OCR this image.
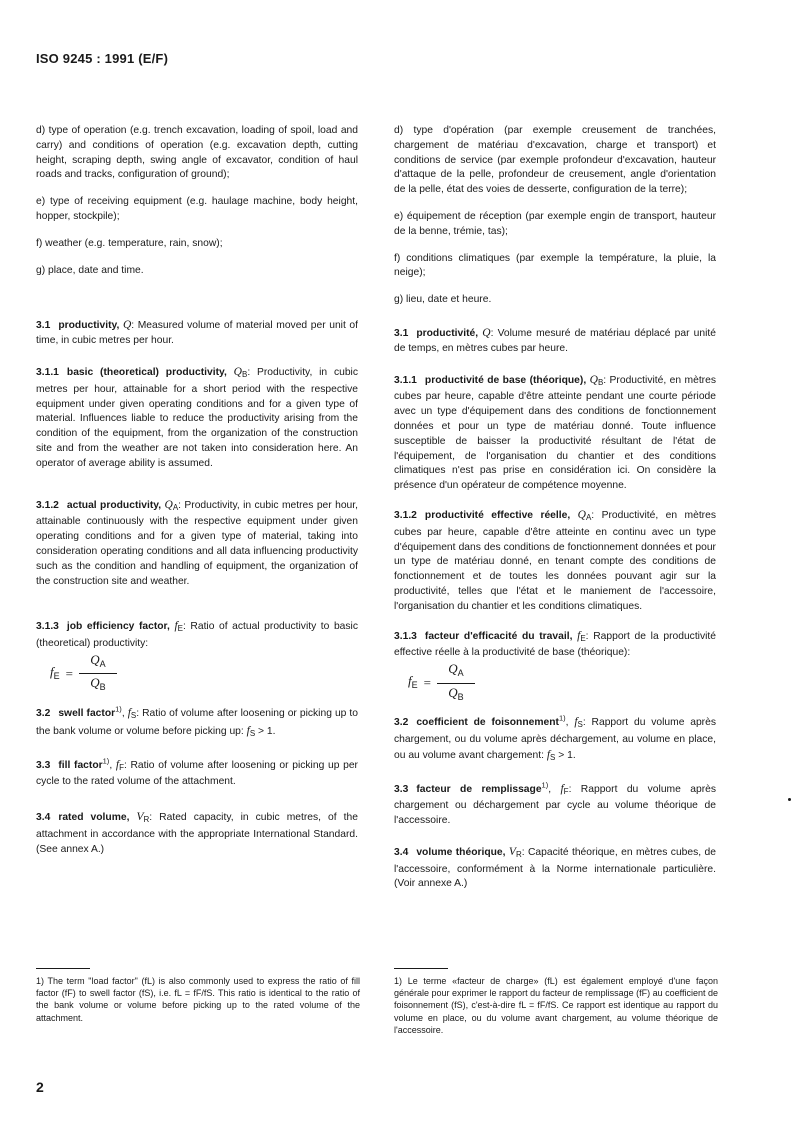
ISO 9245 : 1991 (E/F)

d) type of operation (e.g. trench excavation, loading of spoil, load and carry) and conditions of operation (e.g. excavation depth, cutting height, scraping depth, swing angle of excavator, condition of haul roads and tracks, configuration of ground);

e) type of receiving equipment (e.g. haulage machine, body height, hopper, stockpile);

f) weather (e.g. temperature, rain, snow);

g) place, date and time.

3.1 productivity, Q: Measured volume of material moved per unit of time, in cubic metres per hour.

3.1.1 basic (theoretical) productivity, $Q_B$: Productivity, in cubic metres per hour, attainable for a short period with the respective equipment under given operating conditions and for a given type of material. Influences liable to reduce the productivity arising from the condition of the equipment, from the organization of the construction site and from the weather are not taken into consideration here. An operator of average ability is assumed.

3.1.2 actual productivity, $Q_A$: Productivity, in cubic metres per hour, attainable continuously with the respective equipment under given operating conditions and for a given type of material, taking into consideration operating conditions and all data influencing productivity such as the condition and handling of equipment, the organization of the construction site and weather.

3.1.3 job efficiency factor, $f_E$: Ratio of actual productivity to basic (theoretical) productivity:

$f_E = \frac{Q_A}{Q_B}$

3.2 swell factor$^{1)}$, $f_S$: Ratio of volume after loosening or picking up to the bank volume or volume before picking up: $f_S > 1$.

3.3 fill factor$^{1)}$, $f_F$: Ratio of volume after loosening or picking up per cycle to the rated volume of the attachment.

3.4 rated volume, $V_R$: Rated capacity, in cubic metres, of the attachment in accordance with the appropriate International Standard. (See annex A.)

d) type d'opération (par exemple creusement de tranchées, chargement de matériau d'excavation, charge et transport) et conditions de service (par exemple profondeur d'excavation, hauteur d'attaque de la pelle, profondeur de creusement, angle d'orientation de la pelle, état des voies de desserte, configuration de la terre);

e) équipement de réception (par exemple engin de transport, hauteur de la benne, trémie, tas);

f) conditions climatiques (par exemple la température, la pluie, la neige);

g) lieu, date et heure.

3.1 productivité, Q: Volume mesuré de matériau déplacé par unité de temps, en mètres cubes par heure.

3.1.1 productivité de base (théorique), $Q_B$: Productivité, en mètres cubes par heure, capable d'être atteinte pendant une courte période avec un type d'équipement dans des conditions de fonctionnement données et pour un type de matériau donné. Toute influence susceptible de baisser la productivité résultant de l'état de l'équipement, de l'organisation du chantier et des conditions climatiques n'est pas prise en considération ici. On considère la présence d'un opérateur de compétence moyenne.

3.1.2 productivité effective réelle, $Q_A$: Productivité, en mètres cubes par heure, capable d'être atteinte en continu avec un type d'équipement dans des conditions de fonctionnement données et pour un type de matériau donné, en tenant compte des conditions de fonctionnement et de toutes les données pouvant agir sur la productivité, telles que l'état et le maniement de l'accessoire, l'organisation du chantier et les conditions climatiques.

3.1.3 facteur d'efficacité du travail, $f_E$: Rapport de la productivité effective réelle à la productivité de base (théorique):

$f_E = \frac{Q_A}{Q_B}$

3.2 coefficient de foisonnement$^{1)}$, $f_S$: Rapport du volume après chargement, ou du volume après déchargement, au volume en place, ou au volume avant chargement: $f_S > 1$.

3.3 facteur de remplissage$^{1)}$, $f_F$: Rapport du volume après chargement ou déchargement par cycle au volume théorique de l'accessoire.

3.4 volume théorique, $V_R$: Capacité théorique, en mètres cubes, de l'accessoire, conformément à la Norme internationale particulière. (Voir annexe A.)

1) The term "load factor" (fL) is also commonly used to express the ratio of fill factor (fF) to swell factor (fS), i.e. fL = fF/fS. This ratio is identical to the ratio of the bank volume or volume before picking up to the rated volume of the attachment.
1) Le terme «facteur de charge» (fL) est également employé d'une façon générale pour exprimer le rapport du facteur de remplissage (fF) au coefficient de foisonnement (fS), c'est-à-dire fL = fF/fS. Ce rapport est identique au rapport du volume en place, ou du volume avant chargement, au volume théorique de l'accessoire.
2
